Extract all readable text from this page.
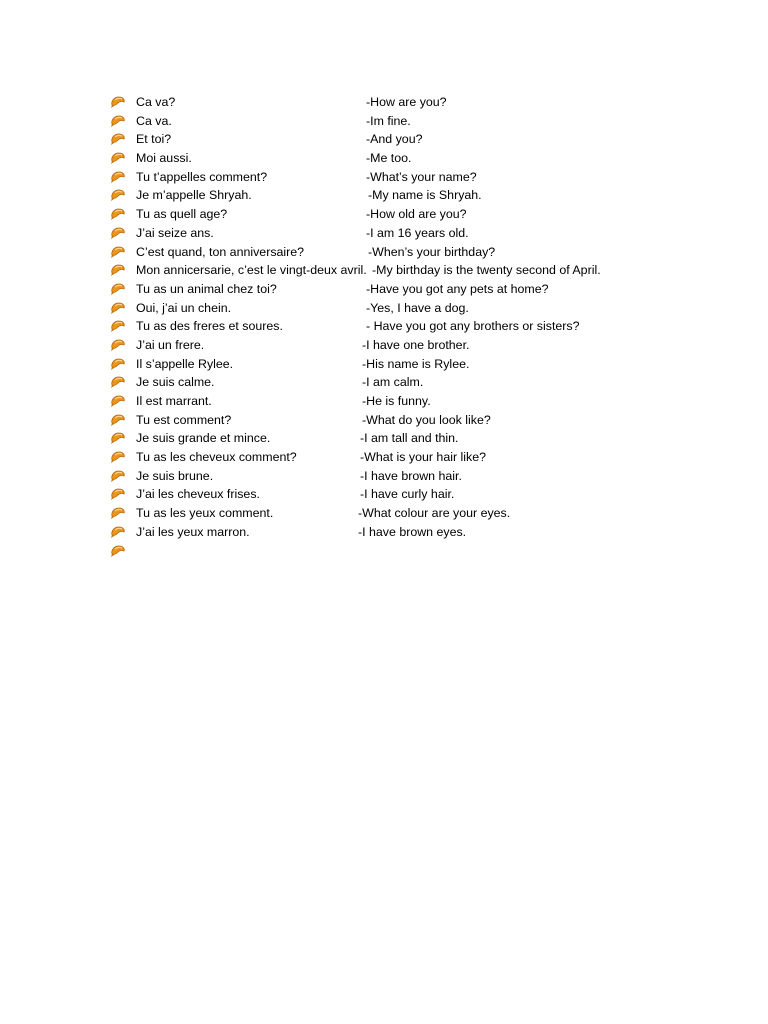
Ca va?	-How are you?
Ca va.	-Im fine.
Et toi?	-And you?
Moi aussi.	-Me too.
Tu t’appelles comment?	-What’s your name?
Je m’appelle Shryah.	-My name is Shryah.
Tu as quell age?	-How old are you?
J’ai seize ans.	-I am 16 years old.
C’est quand, ton anniversaire?	-When’s your birthday?
Mon annicersarie, c’est le vingt-deux avril. -My birthday is the twenty second of April.
Tu as un animal chez toi?	-Have you got any pets at home?
Oui, j’ai un chein.	-Yes, I have a dog.
Tu as des freres et soures.	- Have you got any brothers or sisters?
J’ai un frere.	-I have one brother.
Il s’appelle Rylee.	-His name is Rylee.
Je suis calme.	-I am calm.
Il est marrant.	-He is funny.
Tu est comment?	-What do you look like?
Je suis grande et mince.	-I am tall and thin.
Tu as les cheveux comment?	-What is your hair like?
Je suis brune.	-I have brown hair.
J’ai les cheveux frises.	-I have curly hair.
Tu as les yeux comment.	-What colour are your eyes.
J’ai les yeux marron.	-I have brown eyes.
